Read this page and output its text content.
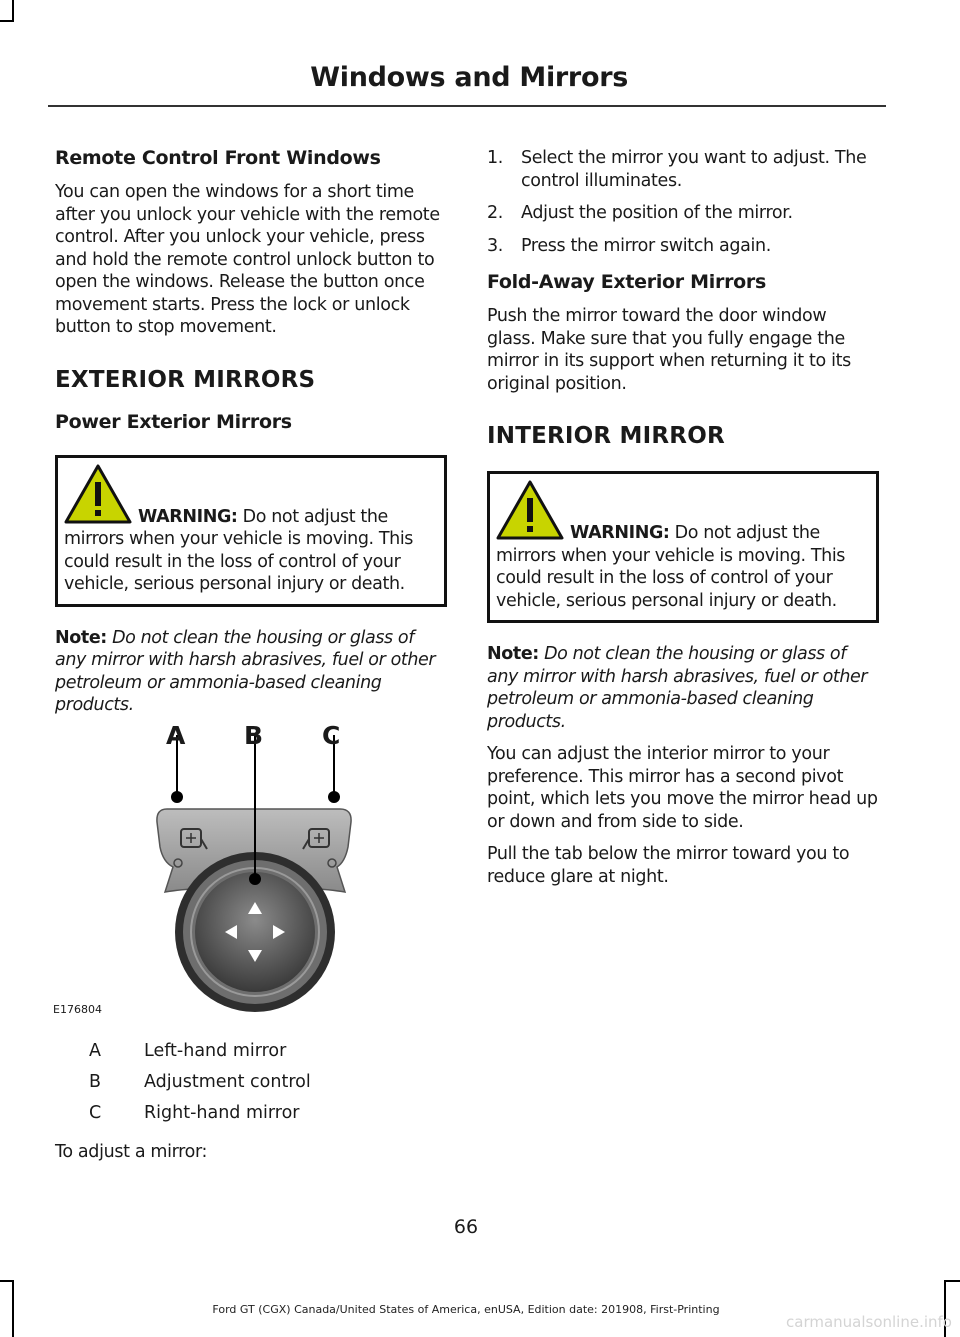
Windows and Mirrors
Remote Control Front Windows

You can open the windows for a short time after you unlock your vehicle with the remote control. After you unlock your vehicle, press and hold the remote control unlock button to open the windows. Release the button once movement starts. Press the lock or unlock button to stop movement.

EXTERIOR MIRRORS
Power Exterior Mirrors
WARNING: Do not adjust the mirrors when your vehicle is moving. This could result in the loss of control of your vehicle, serious personal injury or death.
Note: Do not clean the housing or glass of any mirror with harsh abrasives, fuel or other petroleum or ammonia-based cleaning products.
A B C
E176804
A	Left-hand mirror
B	Adjustment control
C	Right-hand mirror

To adjust a mirror:

1.	Select the mirror you want to adjust. The control illuminates.
2.	Adjust the position of the mirror.
3.	Press the mirror switch again.
Fold-Away Exterior Mirrors

Push the mirror toward the door window glass. Make sure that you fully engage the mirror in its support when returning it to its original position.

INTERIOR MIRROR
WARNING: Do not adjust the mirrors when your vehicle is moving. This could result in the loss of control of your vehicle, serious personal injury or death.
Note: Do not clean the housing or glass of any mirror with harsh abrasives, fuel or other petroleum or ammonia-based cleaning products.

You can adjust the interior mirror to your preference. This mirror has a second pivot point, which lets you move the mirror head up or down and from side to side.

Pull the tab below the mirror toward you to reduce glare at night.

66
Ford GT (CGX) Canada/United States of America, enUSA, Edition date: 201908, First-Printing
carmanualsonline.info
